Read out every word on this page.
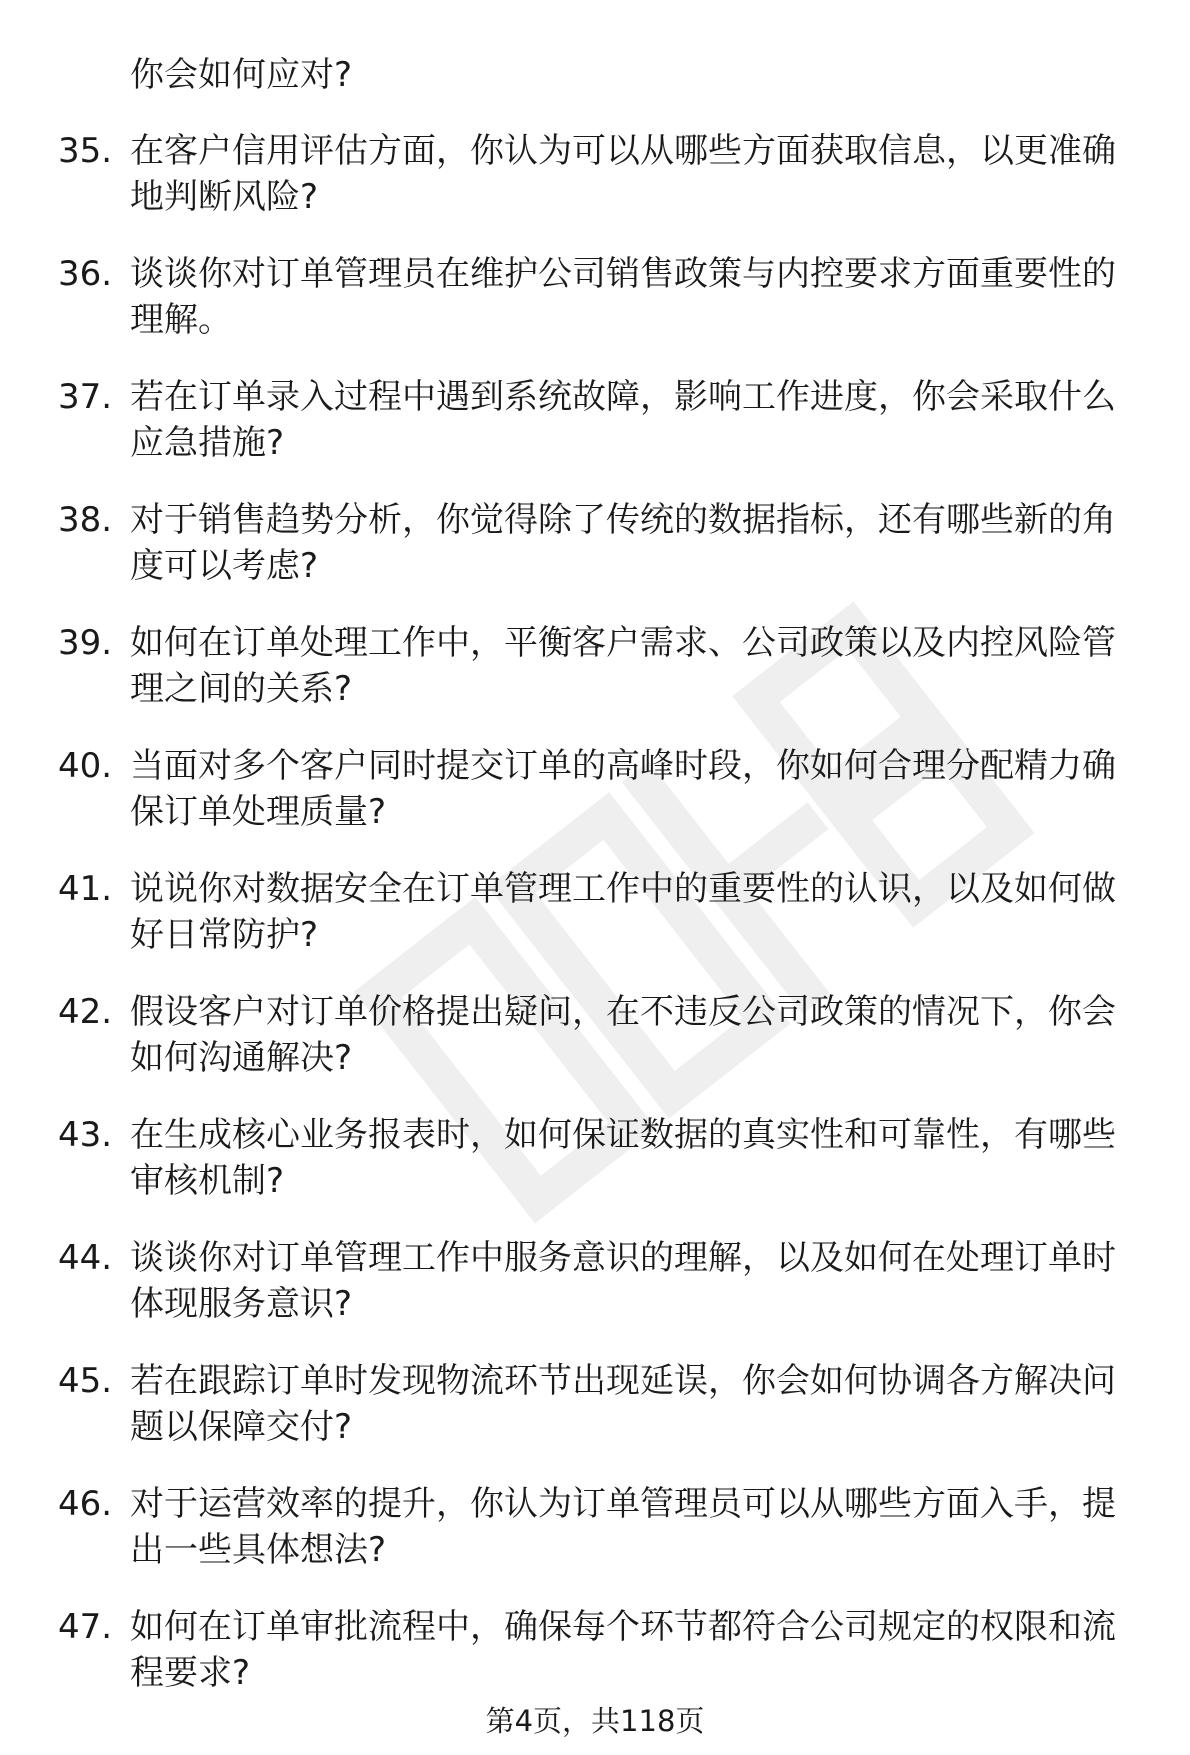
你会如何应对?
35. 在客户信用评估方面，你认为可以从哪些方面获取信息，以更准确地判断风险?
36. 谈谈你对订单管理员在维护公司销售政策与内控要求方面重要性的理解。
37. 若在订单录入过程中遇到系统故障，影响工作进度，你会采取什么应急措施?
38. 对于销售趋势分析，你觉得除了传统的数据指标，还有哪些新的角度可以考虑?
39. 如何在订单处理工作中，平衡客户需求、公司政策以及内控风险管理之间的关系?
40. 当面对多个客户同时提交订单的高峰时段，你如何合理分配精力确保订单处理质量?
41. 说说你对数据安全在订单管理工作中的重要性的认识，以及如何做好日常防护?
42. 假设客户对订单价格提出疑问，在不违反公司政策的情况下，你会如何沟通解决?
43. 在生成核心业务报表时，如何保证数据的真实性和可靠性，有哪些审核机制?
44. 谈谈你对订单管理工作中服务意识的理解，以及如何在处理订单时体现服务意识?
45. 若在跟踪订单时发现物流环节出现延误，你会如何协调各方解决问题以保障交付?
46. 对于运营效率的提升，你认为订单管理员可以从哪些方面入手，提出一些具体想法?
47. 如何在订单审批流程中，确保每个环节都符合公司规定的权限和流程要求?
第4页，共118页
